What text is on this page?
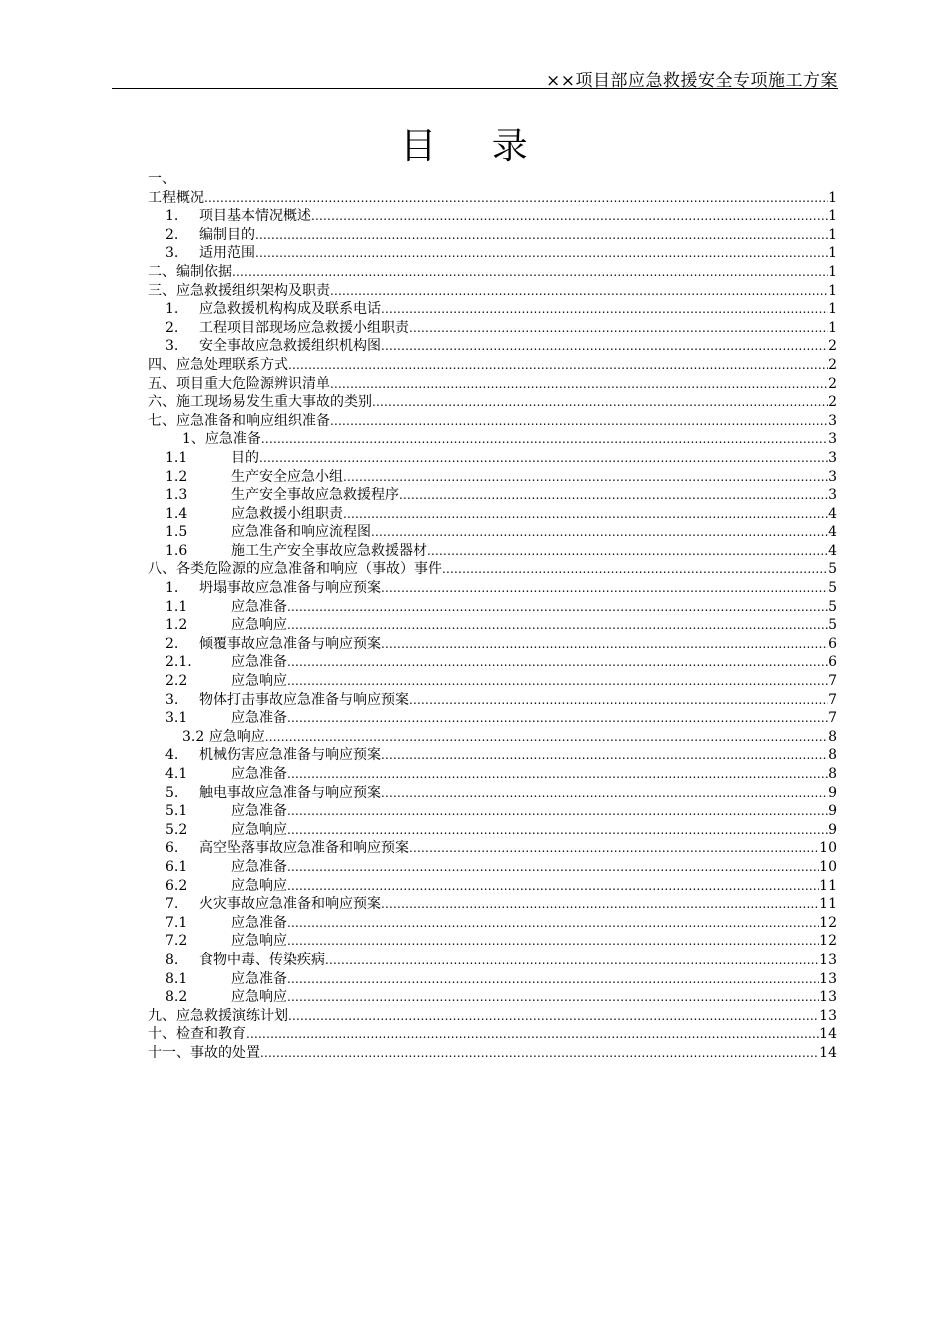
××项目部应急救援安全专项施工方案
目 录
一、
工程概况 .....	1
1.	项目基本情况概述 .....	1
2.	编制目的 .....	1
3.	适用范围 .....	1
二、编制依据 .....	1
三、应急救援组织架构及职责 .....	1
1.	应急救援机构构成及联系电话 .....	1
2.	工程项目部现场应急救援小组职责 .....	1
3.	安全事故应急救援组织机构图 .....	2
四、应急处理联系方式 .....	2
五、项目重大危险源辨识清单 .....	2
六、施工现场易发生重大事故的类别 .....	2
七、应急准备和响应组织准备 .....	3
1、应急准备 .....	3
1.1	目的 .....	3
1.2	生产安全应急小组 .....	3
1.3	生产安全事故应急救援程序 .....	3
1.4	应急救援小组职责 .....	4
1.5	应急准备和响应流程图 .....	4
1.6	施工生产安全事故应急救援器材 .....	4
八、各类危险源的应急准备和响应（事故）事件 .....	5
1.	坍塌事故应急准备与响应预案 .....	5
1.1	应急准备 .....	5
1.2	应急响应 .....	5
2.	倾覆事故应急准备与响应预案 .....	6
2.1.	应急准备 .....	6
2.2	应急响应 .....	7
3.	物体打击事故应急准备与响应预案 .....	7
3.1	应急准备 .....	7
3.2 应急响应 .....	8
4.	机械伤害应急准备与响应预案 .....	8
4.1	应急准备 .....	8
5.	触电事故应急准备与响应预案 .....	9
5.1	应急准备 .....	9
5.2	应急响应 .....	9
6.	高空坠落事故应急准备和响应预案 .....	10
6.1	应急准备 .....	10
6.2	应急响应 .....	11
7.	火灾事故应急准备和响应预案 .....	11
7.1	应急准备 .....	12
7.2	应急响应 .....	12
8.	食物中毒、传染疾病 .....	13
8.1	应急准备 .....	13
8.2	应急响应 .....	13
九、应急救援演练计划 .....	13
十、检查和教育 .....	14
十一、事故的处置 .....	14
